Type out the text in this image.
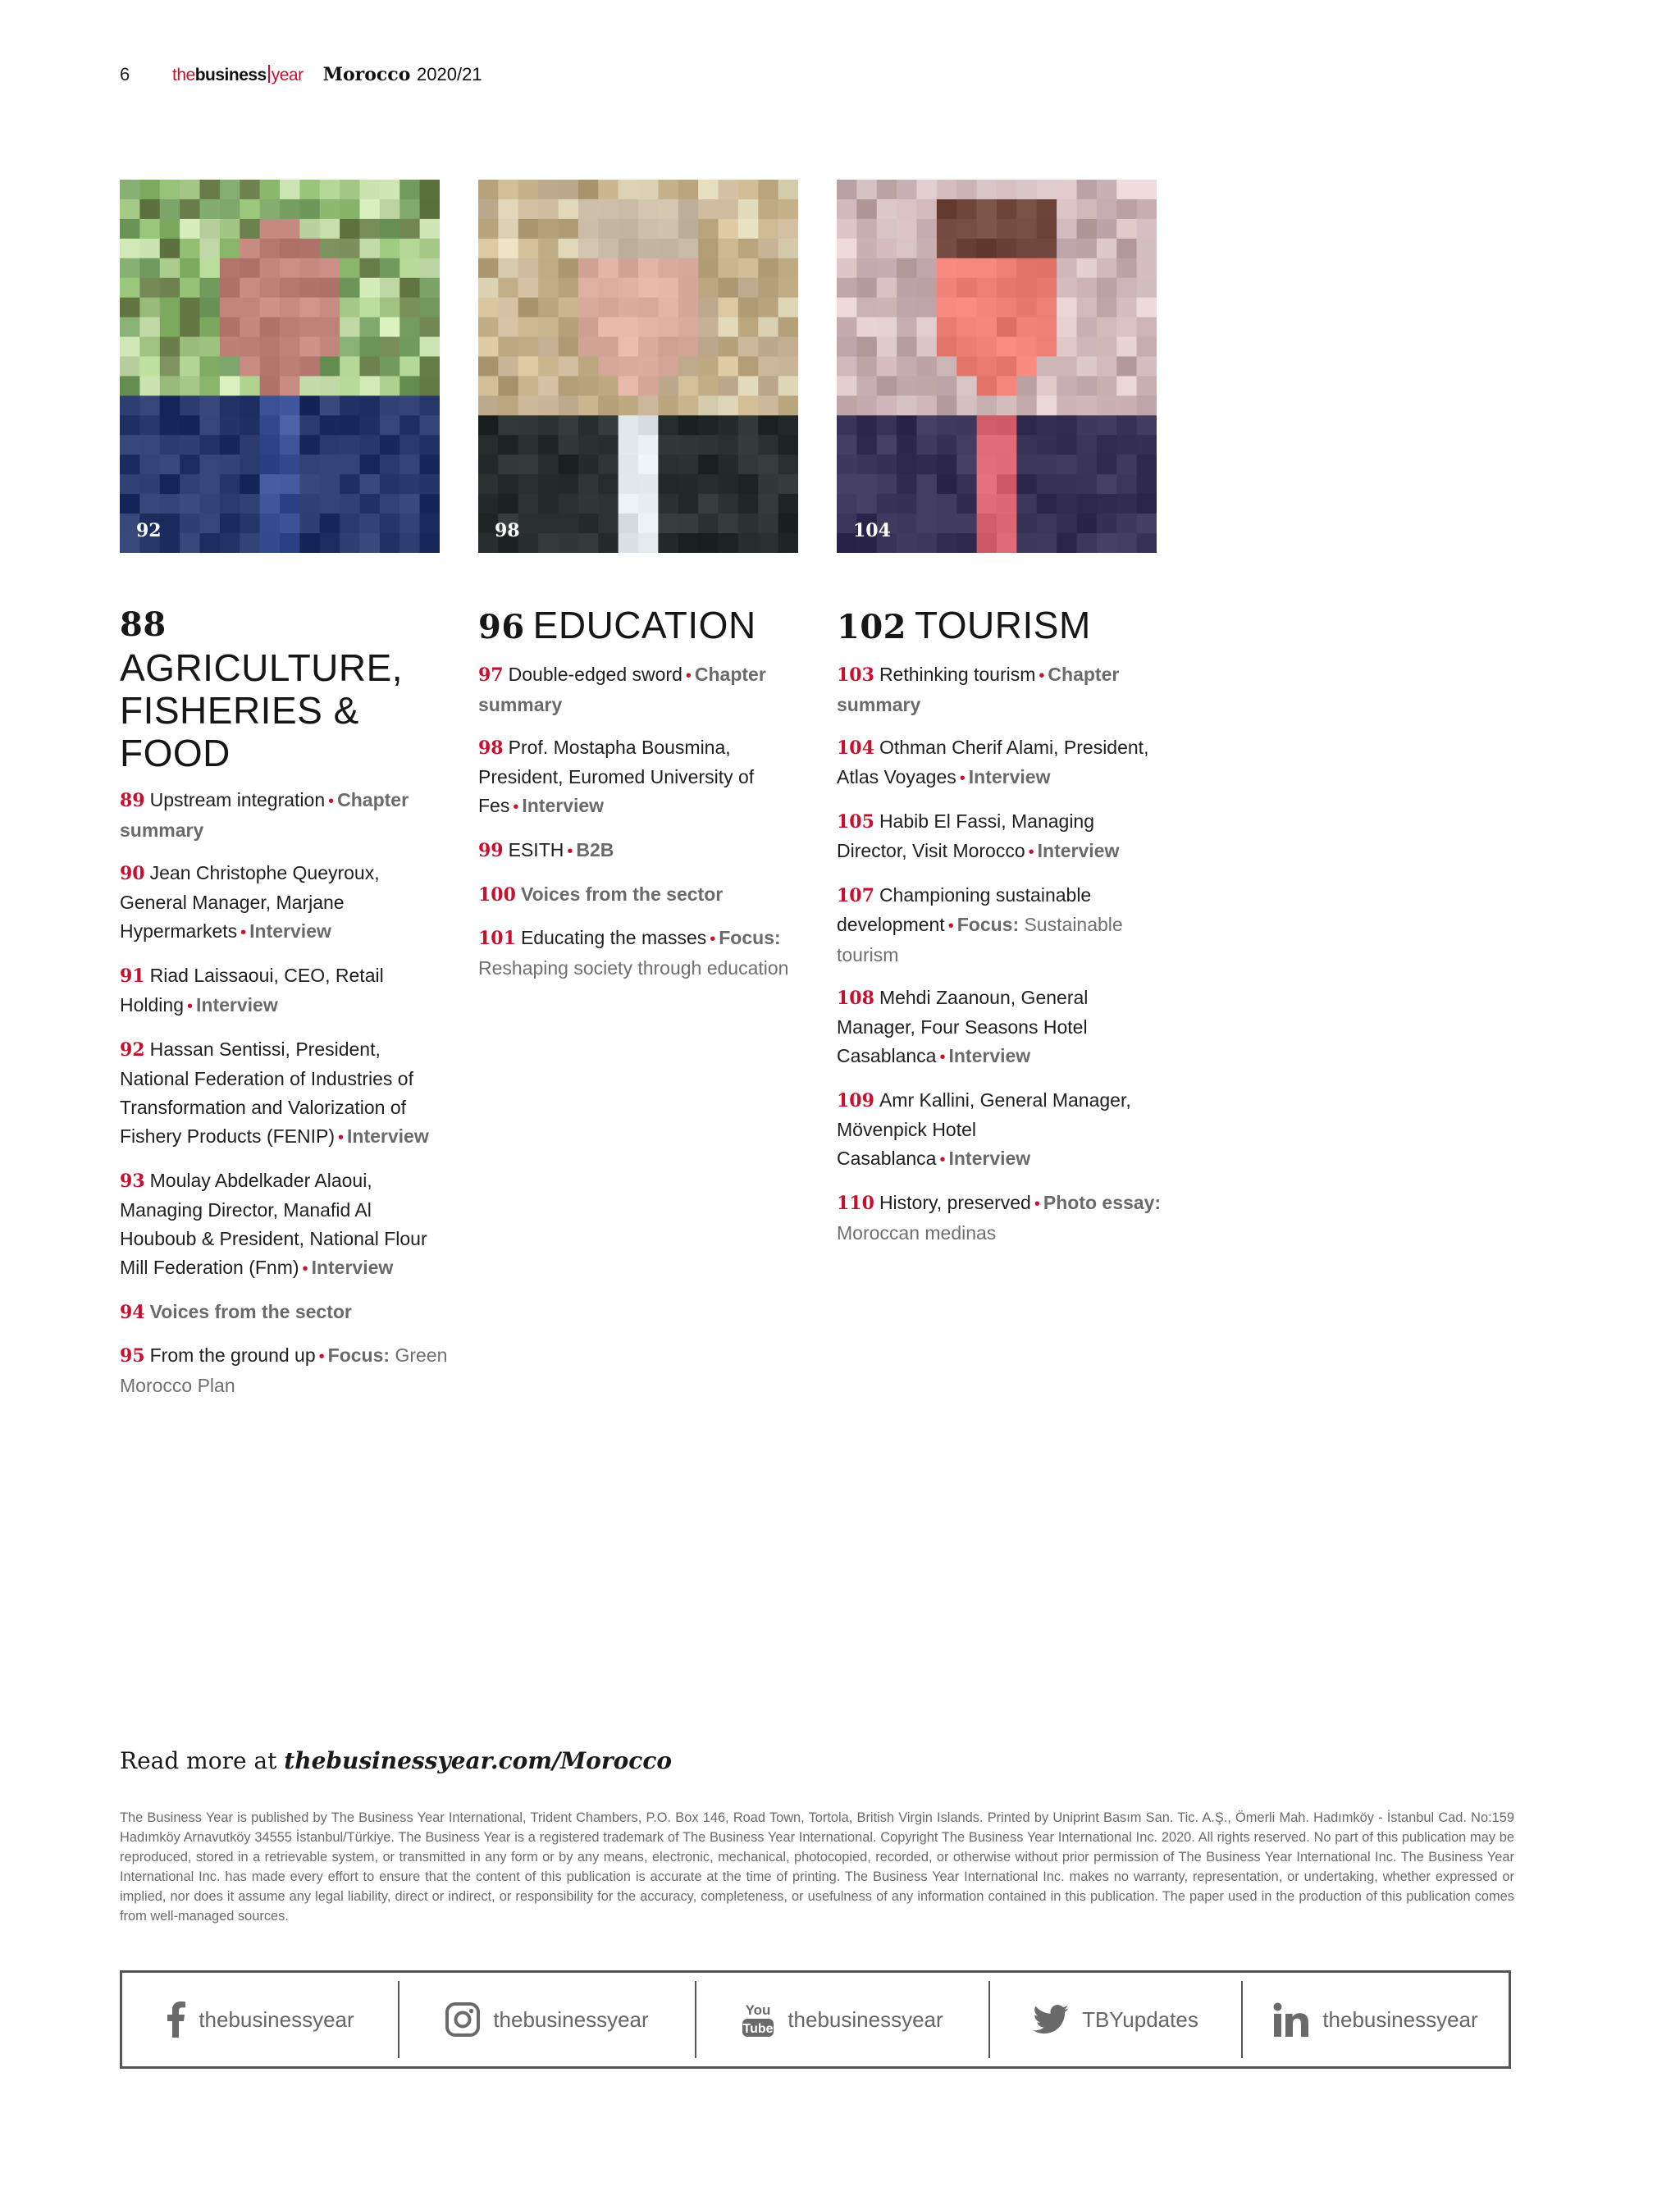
6	thebusiness year Morocco 2020/21
92	98	104
88
AGRICULTURE, FISHERIES & FOOD

89 Upstream integration • Chapter summary

90 Jean Christophe Queyroux, General Manager, Marjane Hypermarkets • Interview

91 Riad Laissaoui, CEO, Retail Holding • Interview

92 Hassan Sentissi, President, National Federation of Industries of Transformation and Valorization of Fishery Products (FENIP) • Interview

93 Moulay Abdelkader Alaoui, Managing Director, Manafid Al Houboub & President, National Flour Mill Federation (Fnm) • Interview

94 Voices from the sector

95 From the ground up • Focus: Green Morocco Plan

96 EDUCATION

97 Double-edged sword • Chapter summary

98 Prof. Mostapha Bousmina, President, Euromed University of Fes • Interview

99 ESITH • B2B

100 Voices from the sector

101 Educating the masses • Focus: Reshaping society through education

102 TOURISM

103 Rethinking tourism • Chapter summary

104 Othman Cherif Alami, President, Atlas Voyages • Interview

105 Habib El Fassi, Managing Director, Visit Morocco • Interview

107 Championing sustainable development • Focus: Sustainable tourism

108 Mehdi Zaanoun, General Manager, Four Seasons Hotel Casablanca • Interview

109 Amr Kallini, General Manager, Mövenpick Hotel Casablanca • Interview

110 History, preserved • Photo essay: Moroccan medinas

Read more at thebusinessyear.com/Morocco
The Business Year is published by The Business Year International, Trident Chambers, P.O. Box 146, Road Town, Tortola, British Virgin Islands. Printed by Uniprint Basım San. Tic. A.Ş., Ömerli Mah. Hadımköy - İstanbul Cad. No:159 Hadımköy Arnavutköy 34555 İstanbul/Türkiye. The Business Year is a registered trademark of The Business Year International. Copyright The Business Year International Inc. 2020. All rights reserved. No part of this publication may be reproduced, stored in a retrievable system, or transmitted in any form or by any means, electronic, mechanical, photocopied, recorded, or otherwise without prior permission of The Business Year International Inc. The Business Year International Inc. has made every effort to ensure that the content of this publication is accurate at the time of printing. The Business Year International Inc. makes no warranty, representation, or undertaking, whether expressed or implied, nor does it assume any legal liability, direct or indirect, or responsibility for the accuracy, completeness, or usefulness of any information contained in this publication. The paper used in the production of this publication comes from well-managed sources.
thebusinessyear	thebusinessyear	You
Tube thebusinessyear	TBYupdates	thebusinessyear
